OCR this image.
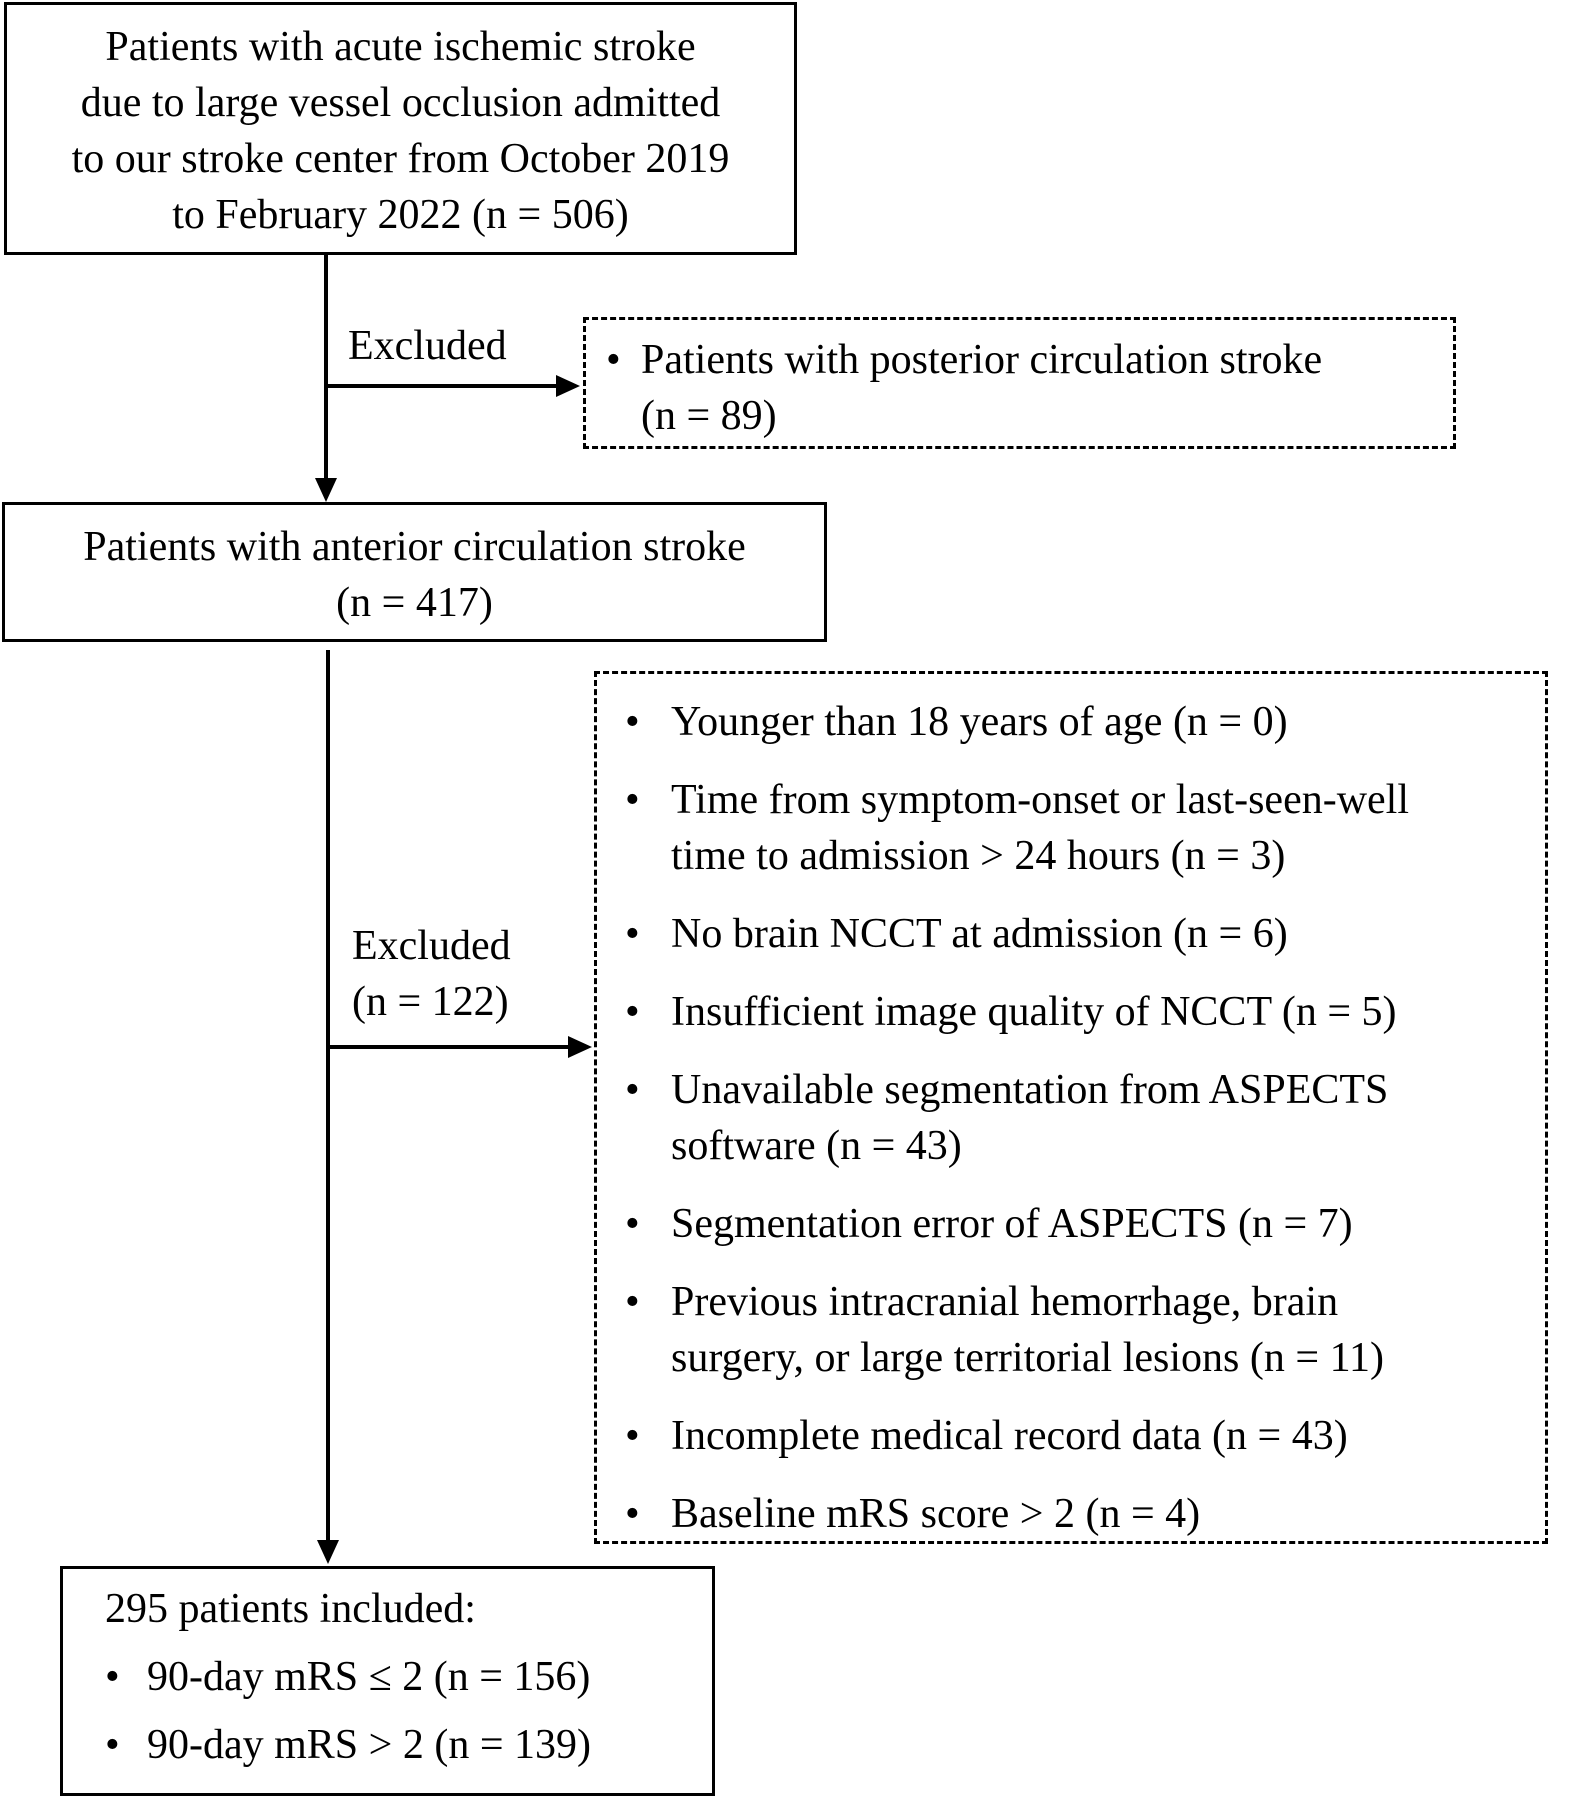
Patients with acute ischemic stroke
due to large vessel occlusion admitted
to our stroke center from October 2019
to February 2022 (n = 506)
Excluded • Patients with posterior circulation stroke
(n = 89)
Patients with anterior circulation stroke
(n = 417)
Excluded
(n = 122)
• Younger than 18 years of age (n = 0)
• Time from symptom-onset or last-seen-well
time to admission > 24 hours (n = 3)
• No brain NCCT at admission (n = 6)
• Insufficient image quality of NCCT (n = 5)
• Unavailable segmentation from ASPECTS
software (n = 43)
• Segmentation error of ASPECTS (n = 7)
• Previous intracranial hemorrhage, brain
surgery, or large territorial lesions (n = 11)
• Incomplete medical record data (n = 43)
• Baseline mRS score > 2 (n = 4)
295 patients included:
• 90-day mRS ≤ 2 (n = 156)
• 90-day mRS > 2 (n = 139)
